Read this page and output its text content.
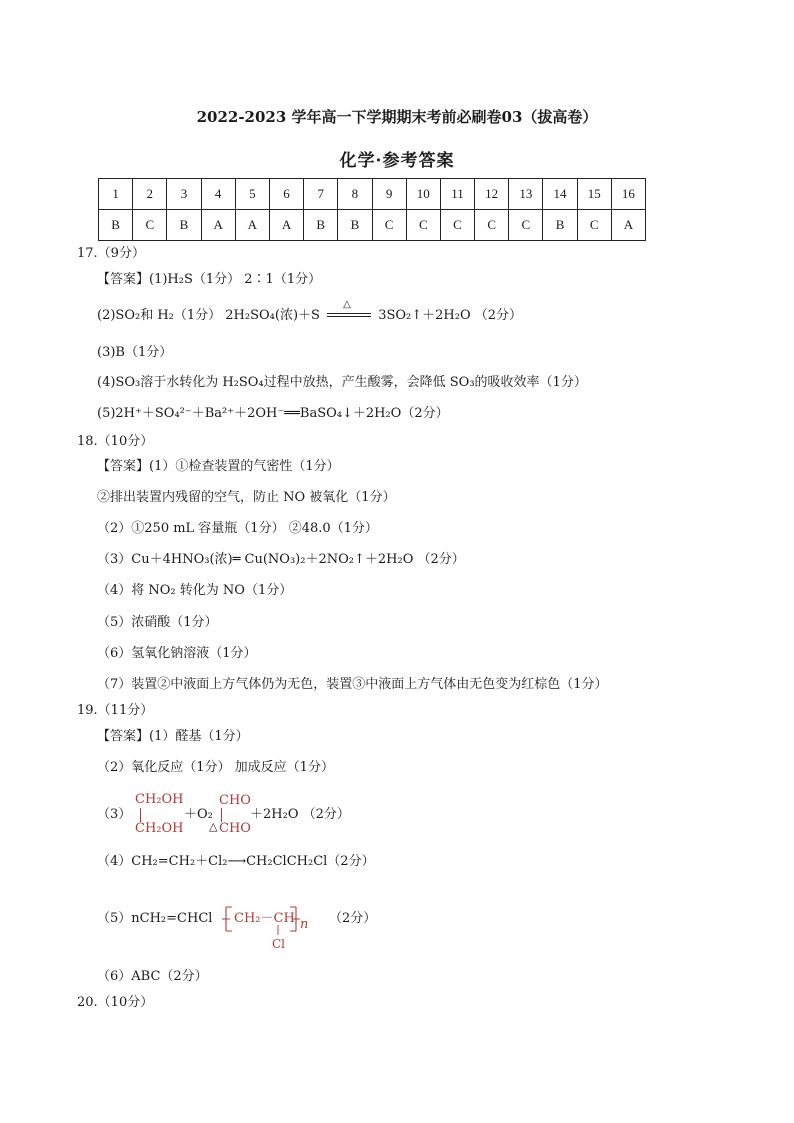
2022-2023 学年高一下学期期末考前必刷卷03（拔高卷）
化学·参考答案
1	2	3	4	5	6	7	8	9	10	11	12	13	14	15	16
B	C	B	A	A	A	B	B	C	C	C	C	C	B	C	A
17.（9分）
【答案】(1)H₂S（1分） 2∶1（1分）
(2)SO₂和 H₂（1分） 2H₂SO₄(浓)＋S
△
3SO₂↑＋2H₂O （2分）
(3)B（1分）
(4)SO₃溶于水转化为 H₂SO₄过程中放热，产生酸雾，会降低 SO₃的吸收效率（1分）
(5)2H⁺＋SO₄²⁻＋Ba²⁺＋2OH⁻══BaSO₄↓＋2H₂O（2分）
18.（10分）
【答案】(1）①检查装置的气密性（1分）
②排出装置内残留的空气，防止 NO 被氧化（1分）
（2）①250 mL 容量瓶（1分） ②48.0（1分）
（3）Cu＋4HNO₃(浓)═ Cu(NO₃)₂＋2NO₂↑＋2H₂O （2分）
（4）将 NO₂ 转化为 NO（1分）
（5）浓硝酸（1分）
（6）氢氧化钠溶液（1分）
（7）装置②中液面上方气体仍为无色，装置③中液面上方气体由无色变为红棕色（1分）
19.（11分）
【答案】(1）醛基（1分）
（2）氧化反应（1分） 加成反应（1分）
（3）
CH₂OH
CH₂OH
＋O₂
△
CHO
CHO
＋2H₂O （2分）
（4）CH₂=CH₂＋Cl₂⟶CH₂ClCH₂Cl（2分）
（5）nCH₂=CHCl CH₂－CH n
Cl
（2分）
（6）ABC（2分）
20.（10分）
